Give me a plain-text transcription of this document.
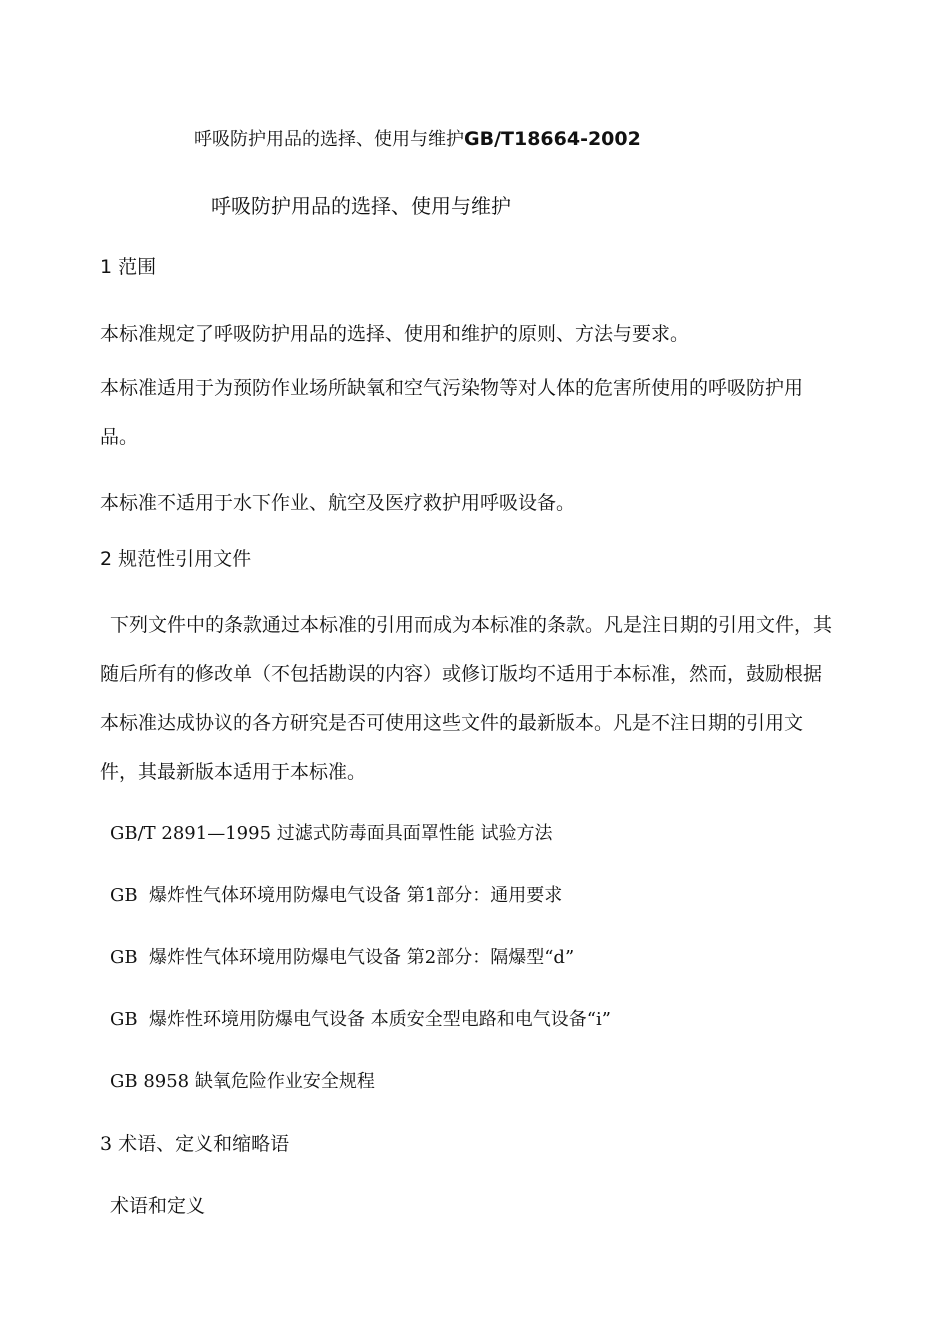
呼吸防护用品的选择、使用与维护GB/T18664-2002
呼吸防护用品的选择、使用与维护
1 范围
本标准规定了呼吸防护用品的选择、使用和维护的原则、方法与要求。
本标准适用于为预防作业场所缺氧和空气污染物等对人体的危害所使用的呼吸防护用品。
本标准不适用于水下作业、航空及医疗救护用呼吸设备。
2 规范性引用文件
下列文件中的条款通过本标准的引用而成为本标准的条款。凡是注日期的引用文件，其随后所有的修改单（不包括勘误的内容）或修订版均不适用于本标准，然而，鼓励根据本标准达成协议的各方研究是否可使用这些文件的最新版本。凡是不注日期的引用文件，其最新版本适用于本标准。
GB/T 2891—1995 过滤式防毒面具面罩性能 试验方法
GB  爆炸性气体环境用防爆电气设备 第1部分：通用要求
GB  爆炸性气体环境用防爆电气设备 第2部分：隔爆型“d”
GB  爆炸性环境用防爆电气设备 本质安全型电路和电气设备“i”
GB 8958 缺氧危险作业安全规程
3 术语、定义和缩略语
术语和定义
